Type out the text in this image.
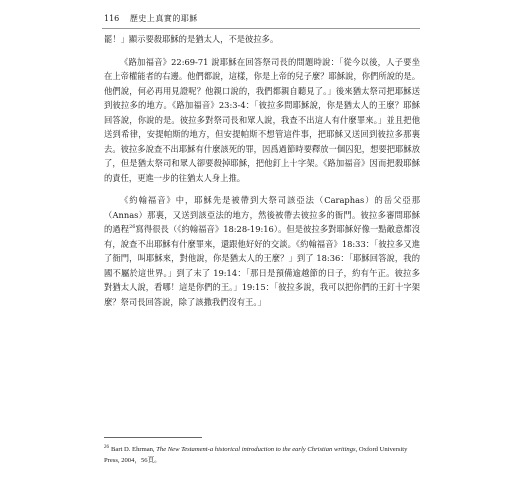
116 歷史上真實的耶穌

罷！」顯示要殺耶穌的是猶太人，不是彼拉多。

《路加福音》22:69-71 說耶穌在回答祭司長的問題時說：「從今以後，人子要坐在上帝權能者的右邊。他們都說，這樣，你是上帝的兒子麼？耶穌說，你們所說的是。他們說，何必再用見證呢？他親口說的，我們都親自聽見了。」後來猶太祭司把耶穌送到彼拉多的地方。《路加福音》23:3-4：「彼拉多問耶穌說，你是猶太人的王麼？耶穌回答說，你說的是。彼拉多對祭司長和眾人說，我查不出這人有什麼罪來。」並且把他送到希律，安提帕斯的地方，但安提帕斯不想管這件事，把耶穌又送回到彼拉多那裏去。彼拉多說查不出耶穌有什麼該死的罪，因爲過節時要釋放一個囚犯，想要把耶穌放了，但是猶太祭司和眾人卻要殺掉耶穌，把他釘上十字架。《路加福音》因而把殺耶穌的責任，更進一步的往猶太人身上推。

《約翰福音》中，耶穌先是被帶到大祭司該亞法（Caraphas）的岳父亞那（Annas）那裏，又送到該亞法的地方，然後被帶去彼拉多的衙門。彼拉多審問耶穌的過程$^{26}$寫得很長（《約翰福音》18:28-19:16）。但是彼拉多對耶穌好像一點敵意都沒有，說查不出耶穌有什麼罪來，還跟他好好的交談。《約翰福音》18:33：「彼拉多又進了衙門，叫耶穌來，對他說，你是猶太人的王麼？」到了 18:36：「耶穌回答說，我的國不屬於這世界。」到了末了 19:14：「那日是預備逾越節的日子，約有午正。彼拉多對猶太人說，看哪！這是你們的王。」19:15：「彼拉多說，我可以把你們的王釘十字架麼？祭司長回答說，除了該撒我們沒有王。」

$^{26}$ Bart D. Ehrman, The New Testament-a historical introduction to the early Christian writings, Oxford University Press, 2004，56頁。
